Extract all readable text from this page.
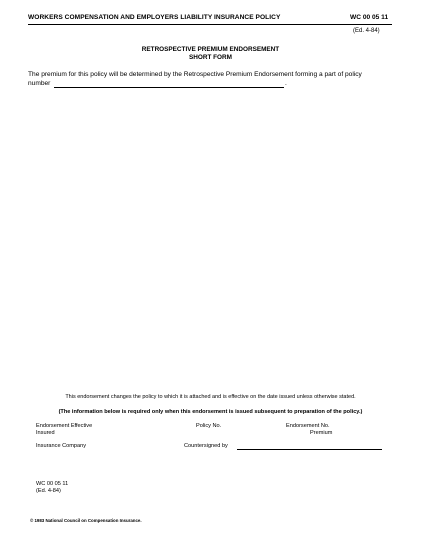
WORKERS COMPENSATION AND EMPLOYERS LIABILITY INSURANCE POLICY	WC 00 05 11
(Ed. 4-84)
RETROSPECTIVE PREMIUM ENDORSEMENT
SHORT FORM
The premium for this policy will be determined by the Retrospective Premium Endorsement forming a part of policy
number	.
This endorsement changes the policy to which it is attached and is effective on the date issued unless otherwise stated.
(The information below is required only when this endorsement is issued subsequent to preparation of the policy.)
Endorsement Effective
Insured
Policy No.	Endorsement No.
Premium
Insurance Company	Countersigned by
WC 00 05 11
(Ed. 4-84)
© 1983 National Council on Compensation Insurance.
